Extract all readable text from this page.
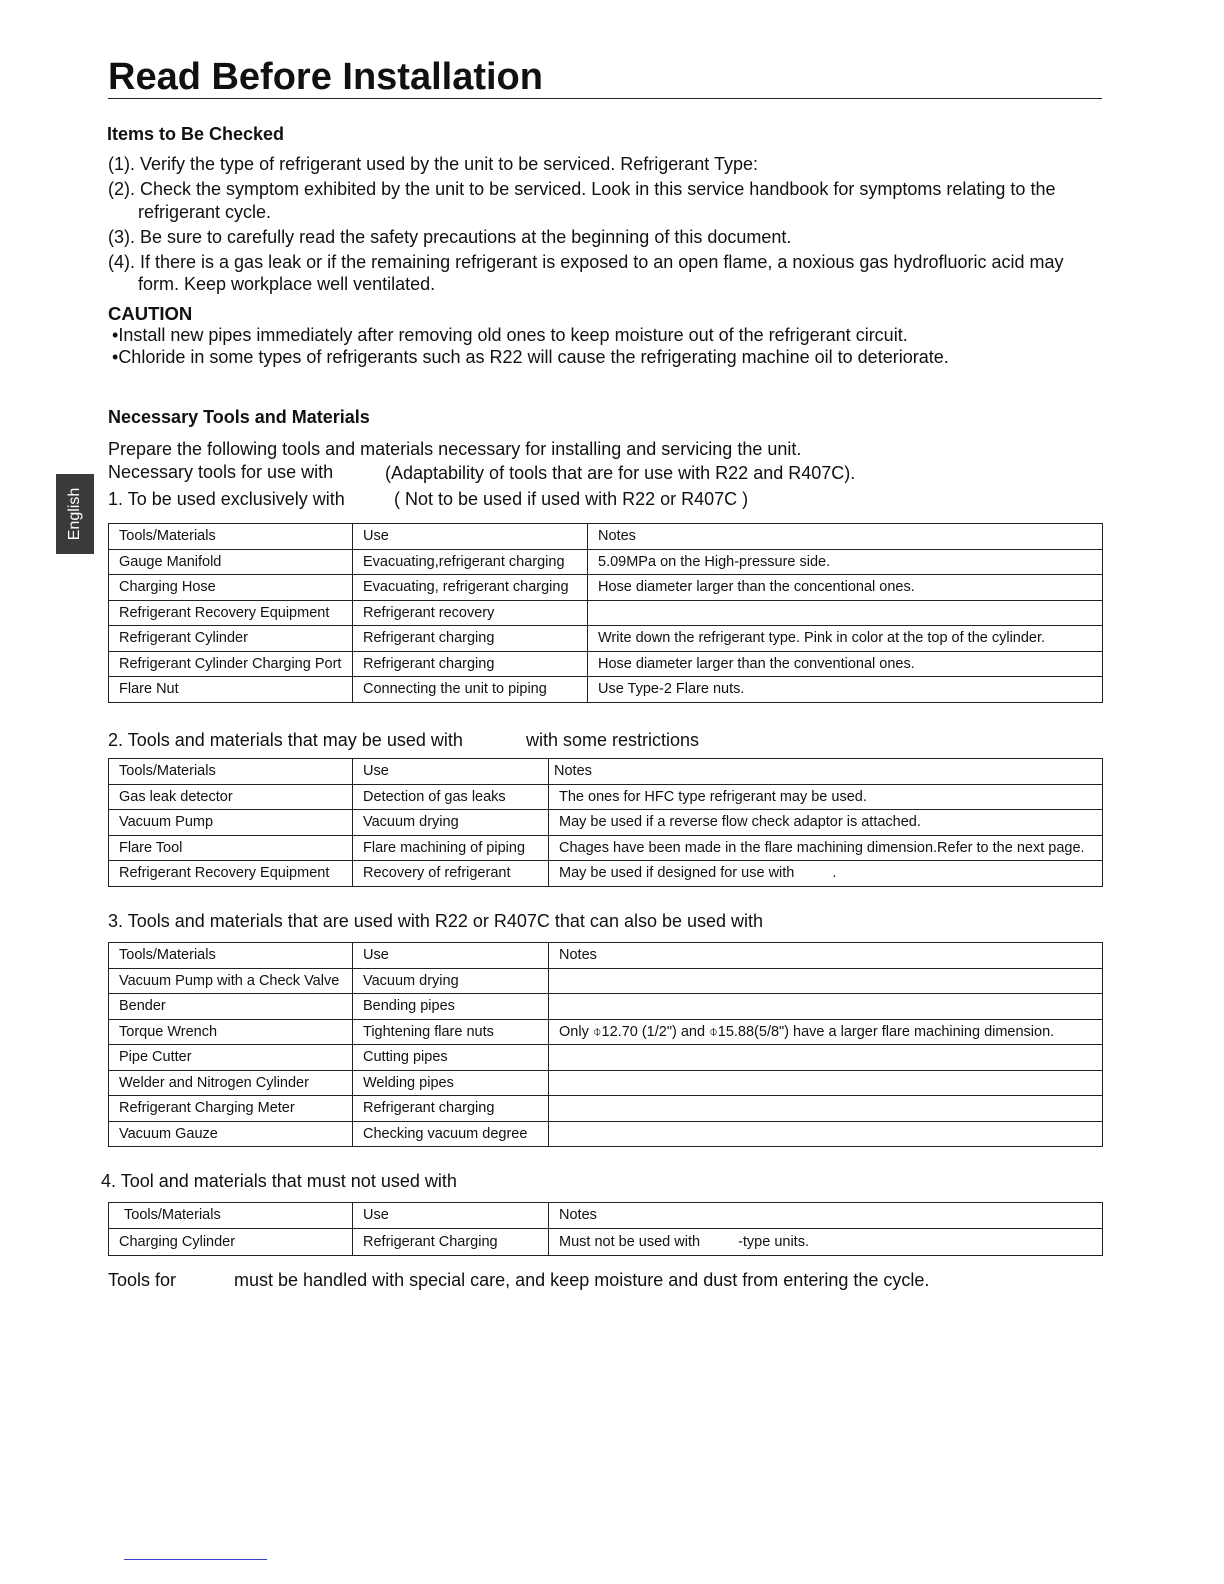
Read Before Installation
English
Items to Be Checked
(1). Verify the type of refrigerant used by the unit to be serviced. Refrigerant Type:
(2). Check the symptom exhibited by the unit to be serviced. Look in this service handbook for symptoms relating to the
refrigerant cycle.
(3). Be sure to carefully read the safety precautions at the beginning of this document.
(4). If there is a gas leak or if the remaining refrigerant is exposed to an open flame, a noxious gas hydrofluoric acid may
form. Keep workplace well ventilated.
CAUTION
•Install new pipes immediately after removing old ones to keep moisture out of the refrigerant circuit.
•Chloride in some types of refrigerants such as R22 will cause the refrigerating machine oil to deteriorate.
Necessary Tools and Materials
Prepare the following tools and materials necessary for installing and servicing the unit.
Necessary tools for use with	(Adaptability of tools that are for use with R22 and R407C).
1. To be used exclusively with	( Not to be used if used with R22 or R407C )
Tools/Materials	Use	Notes
Gauge Manifold	Evacuating,refrigerant charging	5.09MPa on the High-pressure side.
Charging Hose	Evacuating, refrigerant charging	Hose diameter larger than the concentional ones.
Refrigerant Recovery Equipment	Refrigerant recovery	
Refrigerant Cylinder	Refrigerant charging	Write down the refrigerant type. Pink in color at the top of the cylinder.
Refrigerant Cylinder Charging Port	Refrigerant charging	Hose diameter larger than the conventional ones.
Flare Nut	Connecting the unit to piping	Use Type-2 Flare nuts.
2. Tools and materials that may be used with	with some restrictions
Tools/Materials	Use	Notes
Gas leak detector	Detection of gas leaks	The ones for HFC type refrigerant may be used.
Vacuum Pump	Vacuum drying	May be used if a reverse flow check adaptor is attached.
Flare Tool	Flare machining of piping	Chages have been made in the flare machining dimension.Refer to the next page.
Refrigerant Recovery Equipment	Recovery of refrigerant	May be used if designed for use with .
3. Tools and materials that are used with R22 or R407C that can also be used with
Tools/Materials	Use	Notes
Vacuum Pump with a Check Valve	Vacuum drying	
Bender	Bending pipes	
Torque Wrench	Tightening flare nuts	Only ⌽12.70 (1/2") and ⌽15.88(5/8") have a larger flare machining dimension.
Pipe Cutter	Cutting pipes	
Welder and Nitrogen Cylinder	Welding pipes	
Refrigerant Charging Meter	Refrigerant charging	
Vacuum Gauze	Checking vacuum degree	
4. Tool and materials that must not used with
Tools/Materials	Use	Notes
Charging Cylinder	Refrigerant Charging	Must not be used with -type units.
Tools for	must be handled with special care, and keep moisture and dust from entering the cycle.
